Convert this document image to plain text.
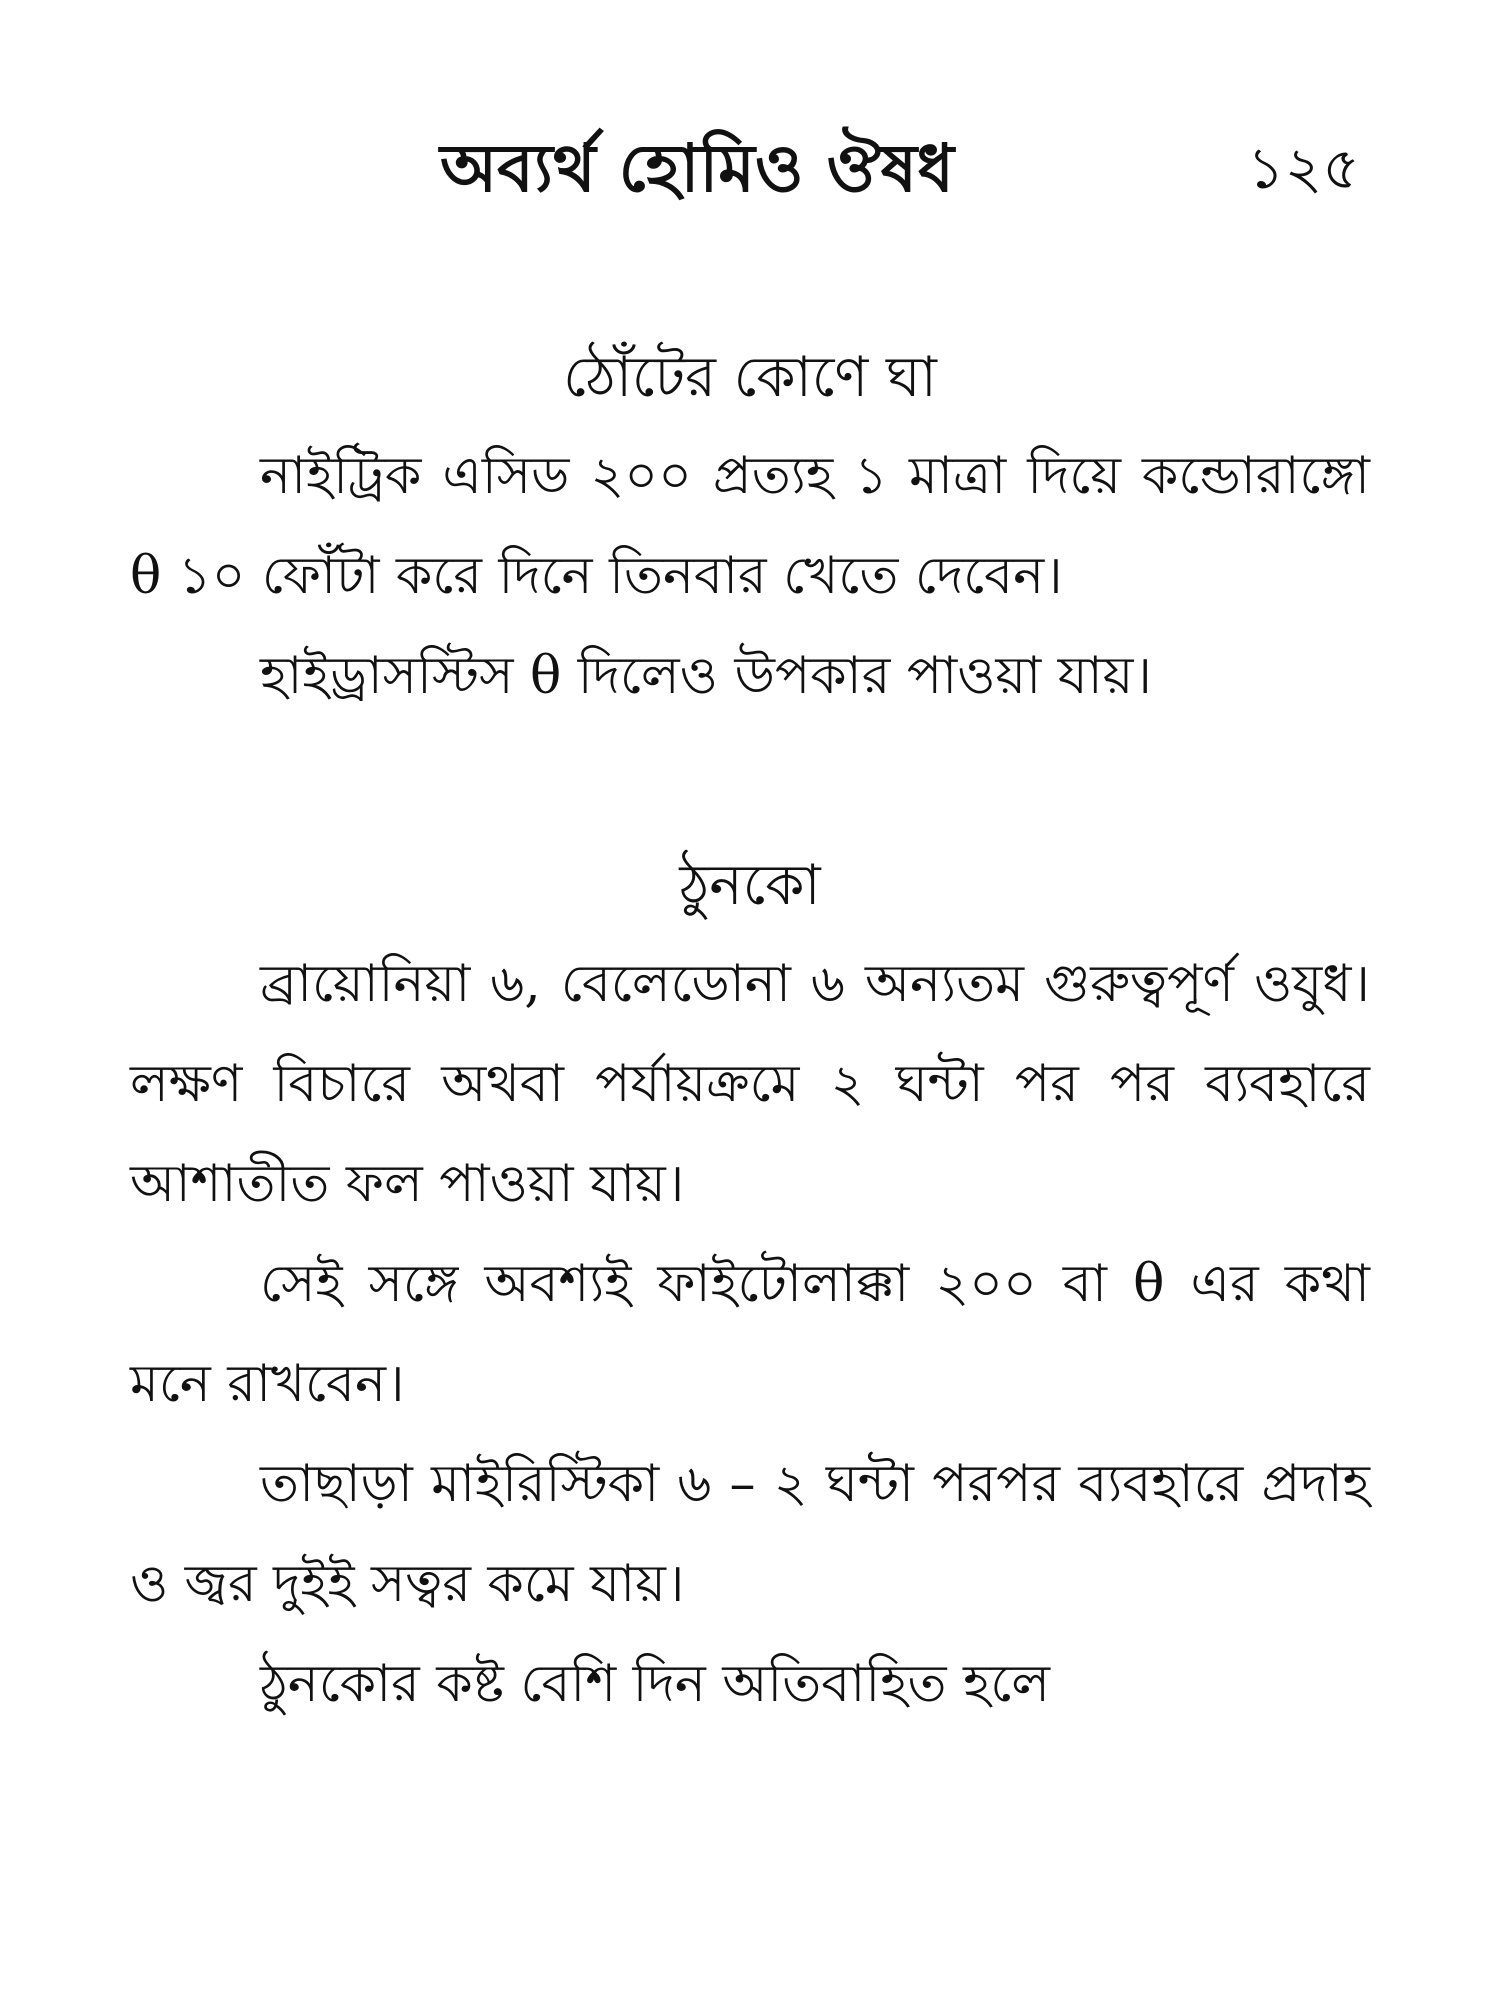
অব্যর্থ হোমিও ঔষধ	১২৫
ঠোঁটের কোণে ঘা

নাইট্রিক এসিড ২০০ প্রত্যহ ১ মাত্রা দিয়ে কন্ডোরাঙ্গো θ ১০ ফোঁটা করে দিনে তিনবার খেতে দেবেন।

হাইড্রাসস্টিস θ দিলেও উপকার পাওয়া যায়।

ঠুনকো

ব্রায়োনিয়া ৬, বেলেডোনা ৬ অন্যতম গুরুত্বপূর্ণ ওযুধ। লক্ষণ বিচারে অথবা পর্যায়ক্রমে ২ ঘন্টা পর পর ব্যবহারে আশাতীত ফল পাওয়া যায়।

সেই সঙ্গে অবশ্যই ফাইটোলাক্কা ২০০ বা θ এর কথা মনে রাখবেন।

তাছাড়া মাইরিস্টিকা ৬ – ২ ঘন্টা পরপর ব্যবহারে প্রদাহ ও জ্বর দুইই সত্বর কমে যায়।

ঠুনকোর কষ্ট বেশি দিন অতিবাহিত হলে
